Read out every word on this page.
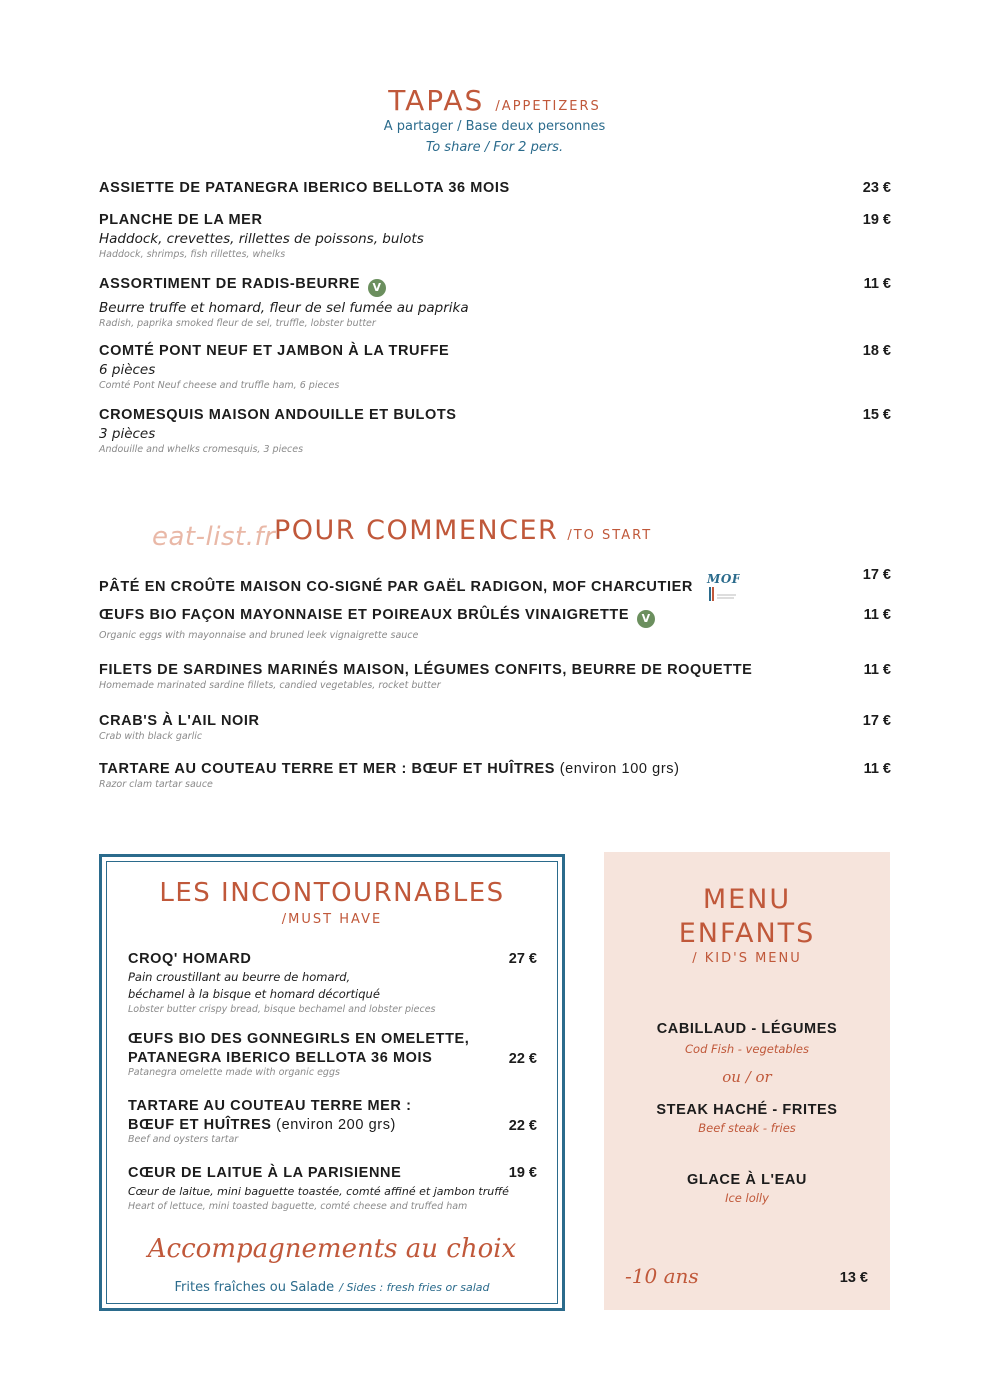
TAPAS /APPETIZERS
A partager / Base deux personnes
To share / For 2 pers.
ASSIETTE DE PATANEGRA IBERICO BELLOTA 36 MOIS	23 €
PLANCHE DE LA MER	19 €
Haddock, crevettes, rillettes de poissons, bulots
Haddock, shrimps, fish rillettes, whelks
ASSORTIMENT DE RADIS-BEURRE V	11 €
Beurre truffe et homard, fleur de sel fumée au paprika
Radish, paprika smoked fleur de sel, truffle, lobster butter
COMTÉ PONT NEUF ET JAMBON À LA TRUFFE	18 €
6 pièces
Comté Pont Neuf cheese and truffle ham, 6 pieces
CROMESQUIS MAISON ANDOUILLE ET BULOTS	15 €
3 pièces
Andouille and whelks cromesquis, 3 pieces
eat-list.fr
POUR COMMENCER /TO START
PÂTÉ EN CROÛTE MAISON CO-SIGNÉ PAR GAËL RADIGON, MOF CHARCUTIER MOF	17 €
ŒUFS BIO FAÇON MAYONNAISE ET POIREAUX BRÛLÉS VINAIGRETTE V	11 €
Organic eggs with mayonnaise and bruned leek vignaigrette sauce
FILETS DE SARDINES MARINÉS MAISON, LÉGUMES CONFITS, BEURRE DE ROQUETTE	11 €
Homemade marinated sardine fillets, candied vegetables, rocket butter
CRAB'S À L'AIL NOIR	17 €
Crab with black garlic
TARTARE AU COUTEAU TERRE ET MER : BŒUF ET HUÎTRES (environ 100 grs)	11 €
Razor clam tartar sauce
LES INCONTOURNABLES
/MUST HAVE
CROQ' HOMARD	27 €
Pain croustillant au beurre de homard,
béchamel à la bisque et homard décortiqué
Lobster butter crispy bread, bisque bechamel and lobster pieces
ŒUFS BIO DES GONNEGIRLS EN OMELETTE,
PATANEGRA IBERICO BELLOTA 36 MOIS	22 €
Patanegra omelette made with organic eggs
TARTARE AU COUTEAU TERRE MER :
BŒUF ET HUÎTRES (environ 200 grs)	22 €
Beef and oysters tartar
CŒUR DE LAITUE À LA PARISIENNE	19 €
Cœur de laitue, mini baguette toastée, comté affiné et jambon truffé
Heart of lettuce, mini toasted baguette, comté cheese and truffed ham
Accompagnements au choix
Frites fraîches ou Salade / Sides : fresh fries or salad
MENU
ENFANTS
/ KID'S MENU
CABILLAUD - LÉGUMES
Cod Fish - vegetables
ou / or
STEAK HACHÉ - FRITES
Beef steak - fries
GLACE À L'EAU
Ice lolly
-10 ans	13 €
